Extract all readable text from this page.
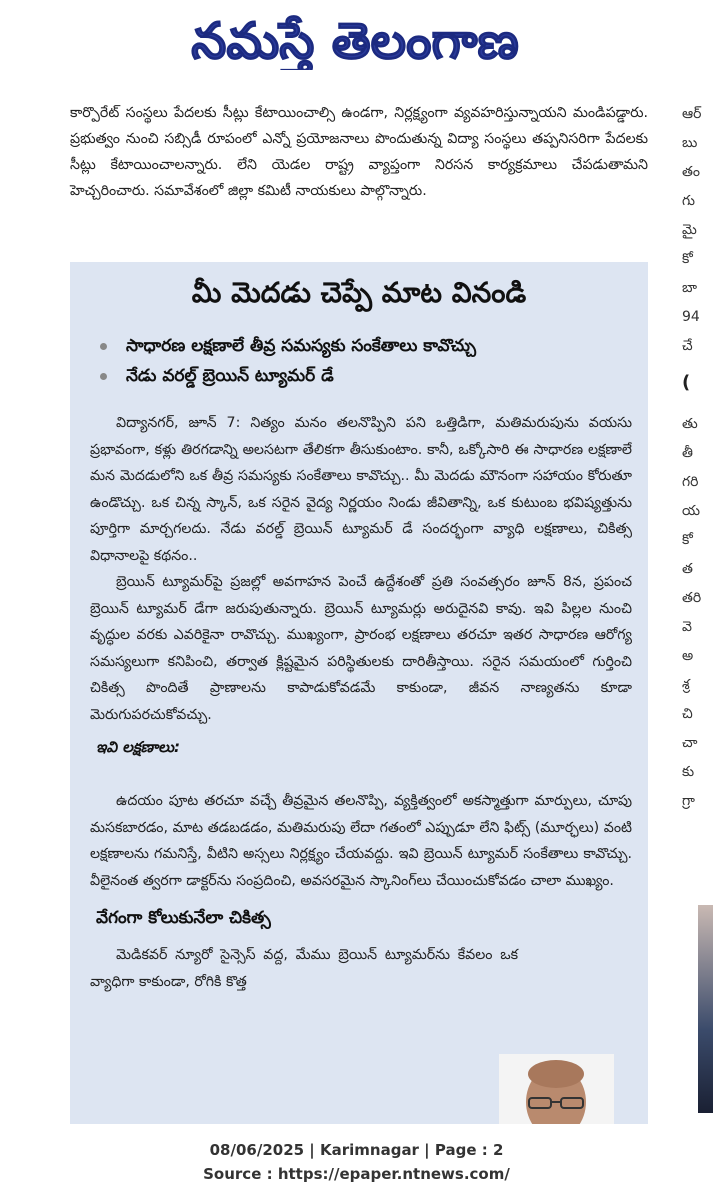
నమస్తే తెలంగాణ

కార్పొరేట్ సంస్థలు పేదలకు సీట్లు కేటాయించాల్సి ఉండగా, నిర్లక్ష్యంగా వ్యవహరిస్తున్నాయని మండిపడ్డారు. ప్రభుత్వం నుంచి సబ్సిడీ రూపంలో ఎన్నో ప్రయోజనాలు పొందుతున్న విద్యా సంస్థలు తప్పనిసరిగా పేదలకు సీట్లు కేటాయించాలన్నారు. లేని యెడల రాష్ట్ర వ్యాప్తంగా నిరసన కార్యక్రమాలు చేపడుతామని హెచ్చరించారు. సమావేశంలో జిల్లా కమిటీ నాయకులు పాల్గొన్నారు.

ఆర్
బు
తం
గు
మై
కో
బా
94
చే
(
తు
తీ
గరి
య
కో
త
తరి
వె
అ
శ్ర
చి
చా
కు
గ్రా
మీ మెదడు చెప్పే మాట వినండి
సాధారణ లక్షణాలే తీవ్ర సమస్యకు సంకేతాలు కావొచ్చు
నేడు వరల్డ్ బ్రెయిన్ ట్యూమర్ డే

విద్యానగర్, జూన్ 7: నిత్యం మనం తలనొప్పిని పని ఒత్తిడిగా, మతిమరుపును వయసు ప్రభావంగా, కళ్లు తిరగడాన్ని అలసటగా తేలికగా తీసుకుంటాం. కానీ, ఒక్కోసారి ఈ సాధారణ లక్షణాలే మన మెదడులోని ఒక తీవ్ర సమస్యకు సంకేతాలు కావొచ్చు.. మీ మెదడు మౌనంగా సహాయం కోరుతూ ఉండొచ్చు. ఒక చిన్న స్కాన్, ఒక సరైన వైద్య నిర్ణయం నిండు జీవితాన్ని, ఒక కుటుంబ భవిష్యత్తును పూర్తిగా మార్చగలదు. నేడు వరల్డ్ బ్రెయిన్ ట్యూమర్ డే సందర్భంగా వ్యాధి లక్షణాలు, చికిత్స విధానాలపై కథనం..

బ్రెయిన్ ట్యూమర్‌పై ప్రజల్లో అవగాహన పెంచే ఉద్దేశంతో ప్రతి సంవత్సరం జూన్ 8న, ప్రపంచ బ్రెయిన్ ట్యూమర్ డేగా జరుపుతున్నారు. బ్రెయిన్ ట్యూమర్లు అరుదైనవి కావు. ఇవి పిల్లల నుంచి వృద్ధుల వరకు ఎవరికైనా రావొచ్చు. ముఖ్యంగా, ప్రారంభ లక్షణాలు తరచూ ఇతర సాధారణ ఆరోగ్య సమస్యలుగా కనిపించి, తర్వాత క్లిష్టమైన పరిస్థితులకు దారితీస్తాయి. సరైన సమయంలో గుర్తించి చికిత్స పొందితే ప్రాణాలను కాపాడుకోవడమే కాకుండా, జీవన నాణ్యతను కూడా మెరుగుపరచుకోవచ్చు.

ఇవి లక్షణాలు:

ఉదయం పూట తరచూ వచ్చే తీవ్రమైన తలనొప్పి, వ్యక్తిత్వంలో అకస్మాత్తుగా మార్పులు, చూపు మసకబారడం, మాట తడబడడం, మతిమరుపు లేదా గతంలో ఎప్పుడూ లేని ఫిట్స్ (మూర్ఛలు) వంటి లక్షణాలను గమనిస్తే, వీటిని అస్సలు నిర్లక్ష్యం చేయవద్దు. ఇవి బ్రెయిన్ ట్యూమర్ సంకేతాలు కావొచ్చు. వీలైనంత త్వరగా డాక్టర్‌ను సంప్రదించి, అవసరమైన స్కానింగ్‌లు చేయించుకోవడం చాలా ముఖ్యం.

వేగంగా కోలుకునేలా చికిత్స
మెడికవర్ న్యూరో సైన్సెస్ వద్ద, మేము బ్రెయిన్ ట్యూమర్‌ను కేవలం ఒక వ్యాధిగా కాకుండా, రోగికి కొత్త
08/06/2025 | Karimnagar | Page : 2
Source : https://epaper.ntnews.com/
